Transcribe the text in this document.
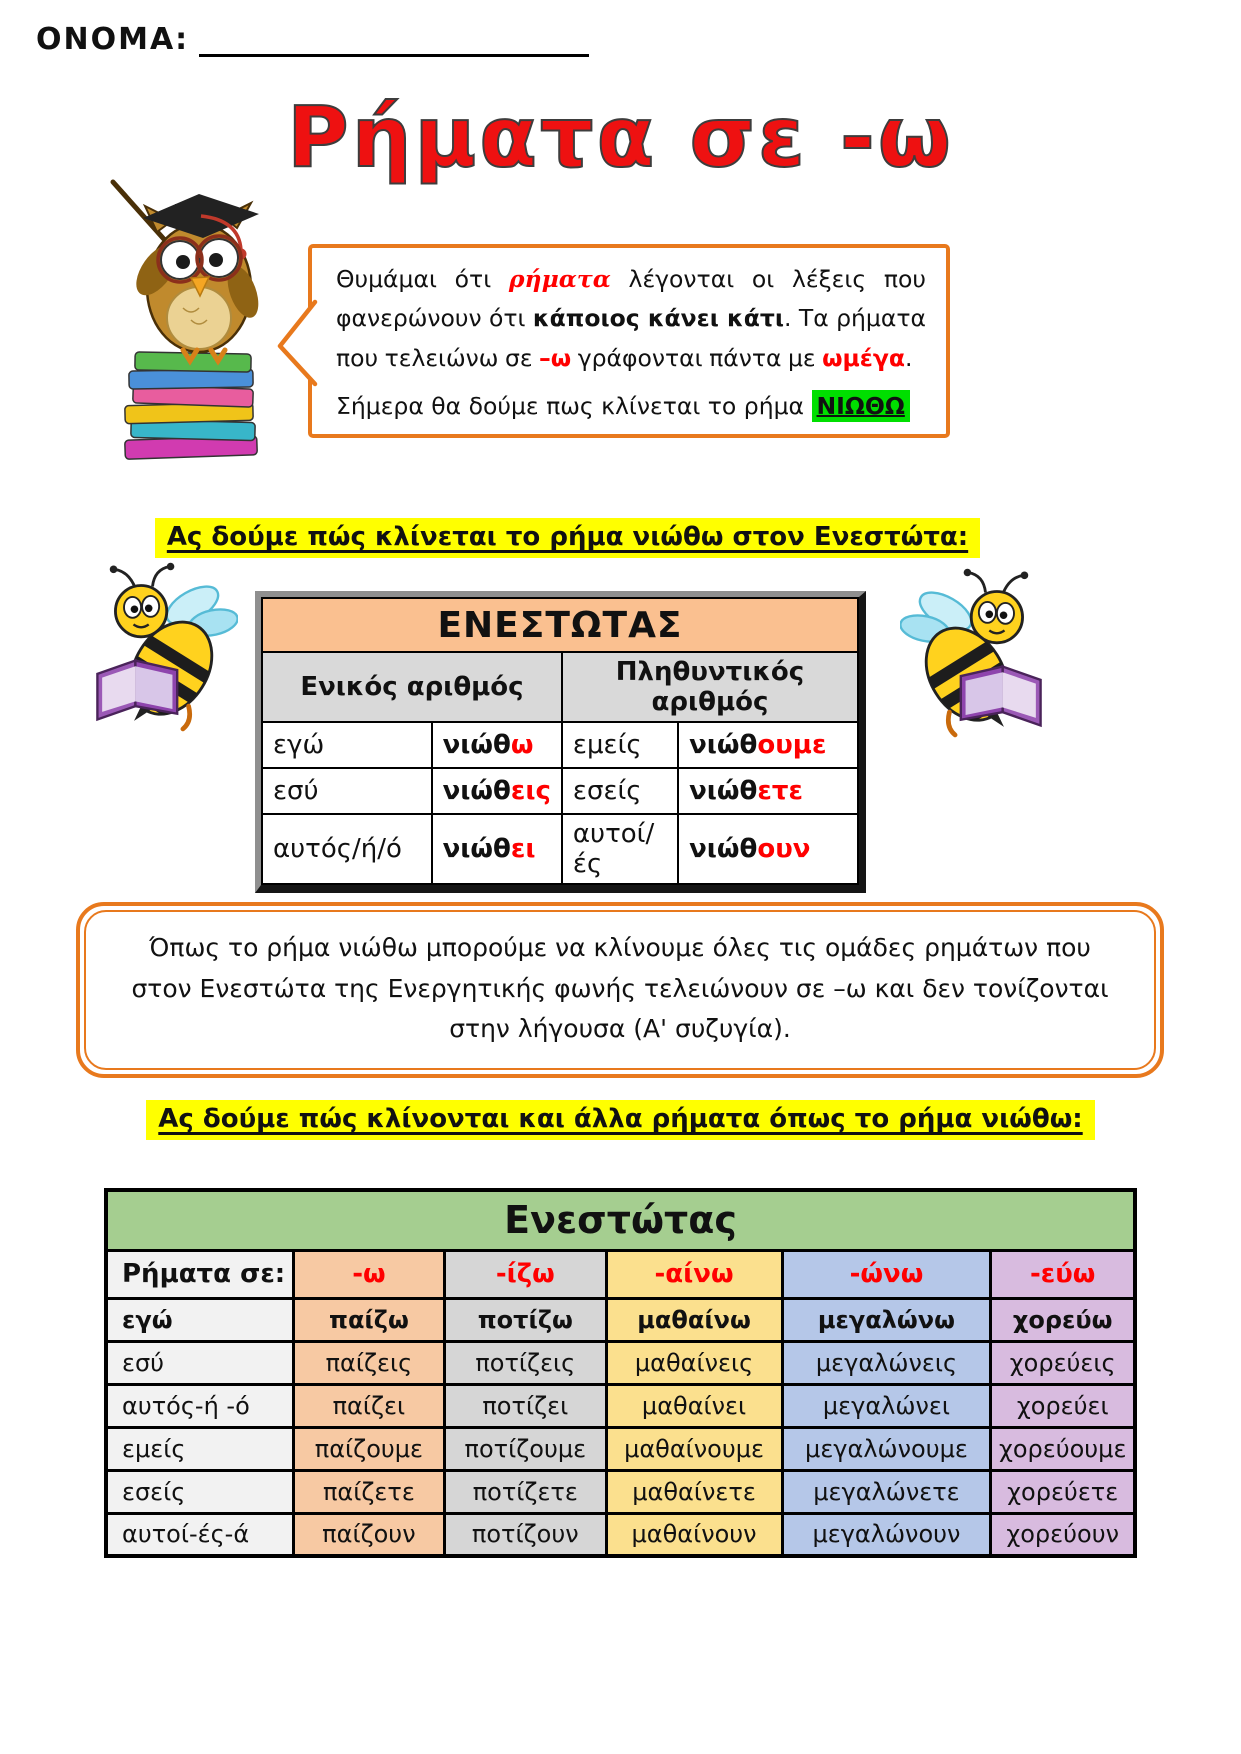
ΟΝΟΜΑ:
Ρήματα σε -ω
Θυμάμαι ότι ρήματα λέγονται οι λέξεις που φανερώνουν ότι κάποιος κάνει κάτι. Τα ρήματα που τελειώνω σε –ω γράφονται πάντα με ωμέγα.
Σήμερα θα δούμε πως κλίνεται το ρήμα ΝΙΩΘΩ
Ας δούμε πώς κλίνεται το ρήμα νιώθω στον Ενεστώτα:
ΕΝΕΣΤΩΤΑΣ			
Ενικός αριθμός		Πληθυντικός αριθμός	
εγώ	νιώθω	εμείς	νιώθουμε
εσύ	νιώθεις	εσείς	νιώθετε
αυτός/ή/ό	νιώθει	αυτοί/ές	νιώθουν
Όπως το ρήμα νιώθω μπορούμε να κλίνουμε όλες τις ομάδες ρημάτων που
στον Ενεστώτα της Ενεργητικής φωνής τελειώνουν σε –ω και δεν τονίζονται
στην λήγουσα (Α' συζυγία).
Ας δούμε πώς κλίνονται και άλλα ρήματα όπως το ρήμα νιώθω:
Ενεστώτας					
Ρήματα σε:	-ω	-ίζω	-αίνω	-ώνω	-εύω
εγώ	παίζω	ποτίζω	μαθαίνω	μεγαλώνω	χορεύω
εσύ	παίζεις	ποτίζεις	μαθαίνεις	μεγαλώνεις	χορεύεις
αυτός-ή -ό	παίζει	ποτίζει	μαθαίνει	μεγαλώνει	χορεύει
εμείς	παίζουμε	ποτίζουμε	μαθαίνουμε	μεγαλώνουμε	χορεύουμε
εσείς	παίζετε	ποτίζετε	μαθαίνετε	μεγαλώνετε	χορεύετε
αυτοί-ές-ά	παίζουν	ποτίζουν	μαθαίνουν	μεγαλώνουν	χορεύουν
